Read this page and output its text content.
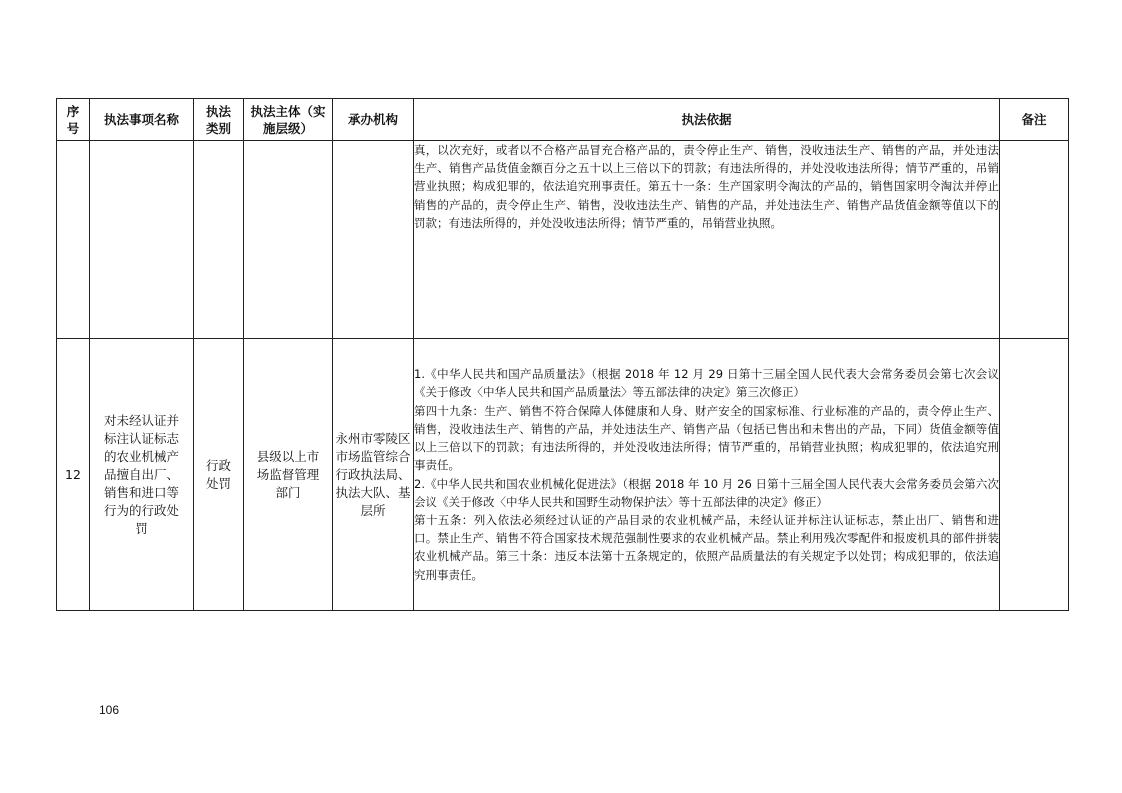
序号	执法事项名称	执法类别	执法主体（实施层级）	承办机构	执法依据	备注

					真，以次充好，或者以不合格产品冒充合格产品的，责令停止生产、销售，没收违法生产、销售的产品，并处违法生产、销售产品货值金额百分之五十以上三倍以下的罚款；有违法所得的，并处没收违法所得；情节严重的，吊销营业执照；构成犯罪的，依法追究刑事责任。第五十一条：生产国家明令淘汰的产品的，销售国家明令淘汰并停止销售的产品的，责令停止生产、销售，没收违法生产、销售的产品，并处违法生产、销售产品货值金额等值以下的罚款；有违法所得的，并处没收违法所得；情节严重的，吊销营业执照。	

12	对未经认证并标注认证标志的农业机械产品擅自出厂、销售和进口等行为的行政处罚	行政处罚	县级以上市场监督管理部门	永州市零陵区市场监管综合行政执法局、执法大队、基层所	1.《中华人民共和国产品质量法》（根据 2018 年 12 月 29 日第十三届全国人民代表大会常务委员会第七次会议《关于修改〈中华人民共和国产品质量法〉等五部法律的决定》第三次修正）

第四十九条：生产、销售不符合保障人体健康和人身、财产安全的国家标准、行业标准的产品的，责令停止生产、销售，没收违法生产、销售的产品，并处违法生产、销售产品（包括已售出和未售出的产品，下同）货值金额等值以上三倍以下的罚款；有违法所得的，并处没收违法所得；情节严重的，吊销营业执照；构成犯罪的，依法追究刑事责任。

2.《中华人民共和国农业机械化促进法》（根据 2018 年 10 月 26 日第十三届全国人民代表大会常务委员会第六次会议《关于修改〈中华人民共和国野生动物保护法〉等十五部法律的决定》修正）

第十五条：列入依法必须经过认证的产品目录的农业机械产品，未经认证并标注认证标志，禁止出厂、销售和进口。禁止生产、销售不符合国家技术规范强制性要求的农业机械产品。禁止利用残次零配件和报废机具的部件拼装农业机械产品。第三十条：违反本法第十五条规定的，依照产品质量法的有关规定予以处罚；构成犯罪的，依法追究刑事责任。	

106
